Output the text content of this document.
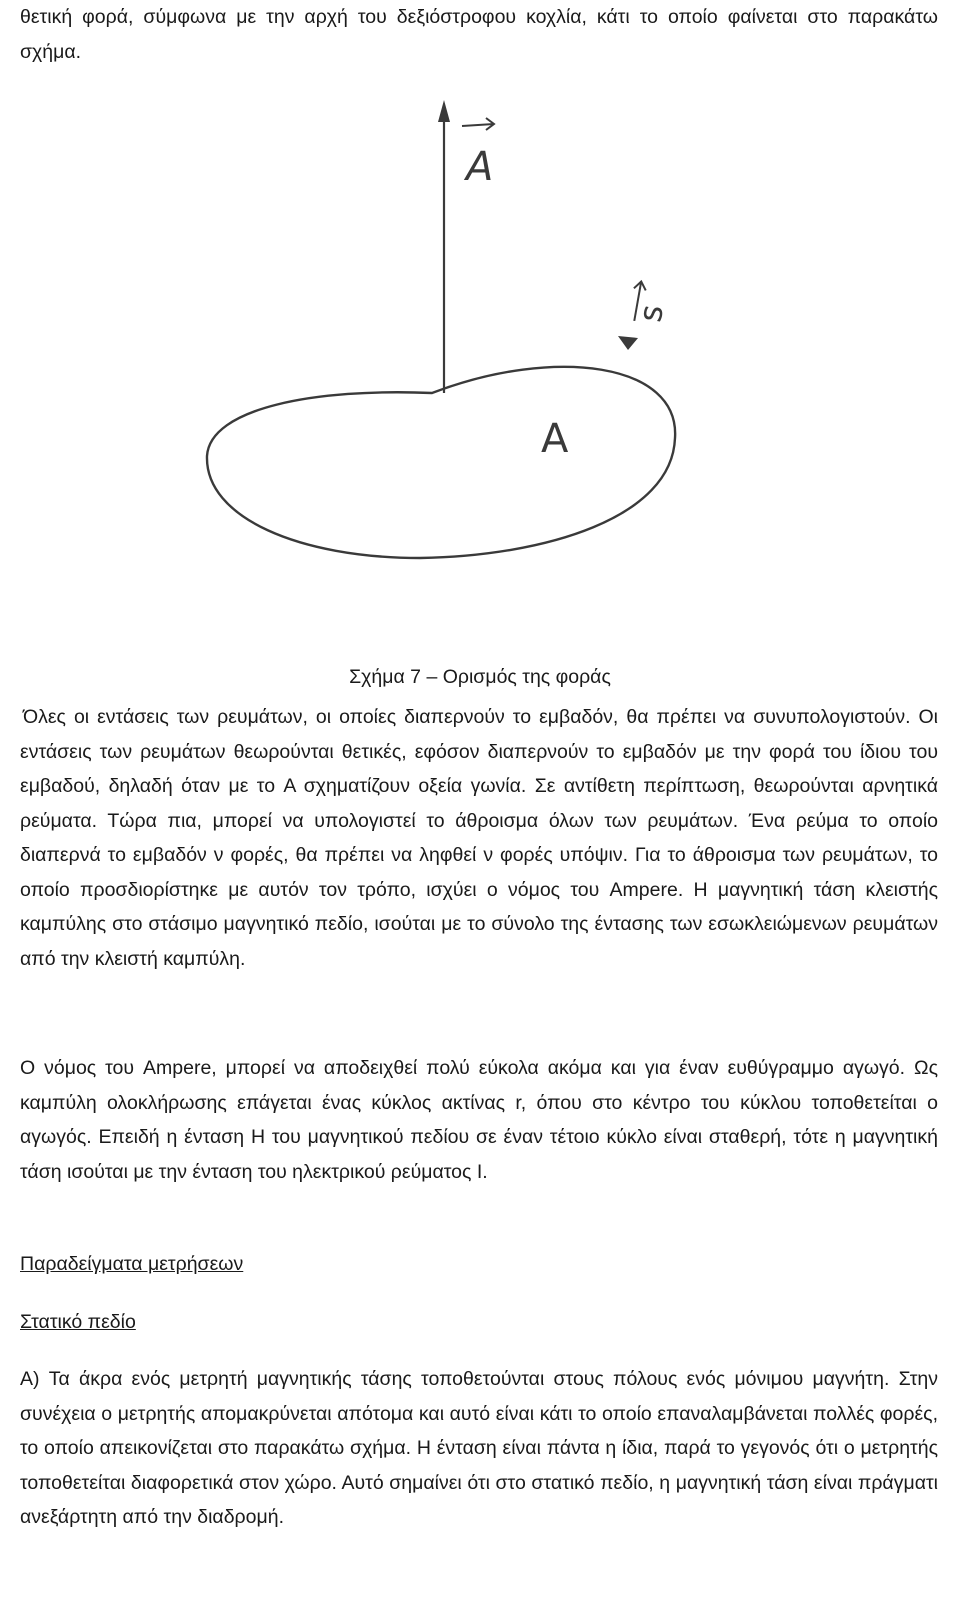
θετική φορά, σύμφωνα με την αρχή του δεξιόστροφου κοχλία, κάτι το οποίο φαίνεται στο παρακάτω σχήμα.
A
s
A
Σχήμα 7 – Ορισμός της φοράς
Όλες οι εντάσεις των ρευμάτων, οι οποίες διαπερνούν το εμβαδόν, θα πρέπει να συνυπολογιστούν. Οι εντάσεις των ρευμάτων θεωρούνται θετικές, εφόσον διαπερνούν το εμβαδόν με την φορά του ίδιου του εμβαδού, δηλαδή όταν με το A σχηματίζουν οξεία γωνία. Σε αντίθετη περίπτωση, θεωρούνται αρνητικά ρεύματα. Τώρα πια, μπορεί να υπολογιστεί το άθροισμα όλων των ρευμάτων. Ένα ρεύμα το οποίο διαπερνά το εμβαδόν ν φορές, θα πρέπει να ληφθεί ν φορές υπόψιν. Για το άθροισμα των ρευμάτων, το οποίο προσδιορίστηκε με αυτόν τον τρόπο, ισχύει ο νόμος του Ampere. Η μαγνητική τάση κλειστής καμπύλης στο στάσιμο μαγνητικό πεδίο, ισούται με το σύνολο της έντασης των εσωκλειώμενων ρευμάτων από την κλειστή καμπύλη.
Ο νόμος του Ampere, μπορεί να αποδειχθεί πολύ εύκολα ακόμα και για έναν ευθύγραμμο αγωγό. Ως καμπύλη ολοκλήρωσης επάγεται ένας κύκλος ακτίνας r, όπου στο κέντρο του κύκλου τοποθετείται ο αγωγός. Επειδή η ένταση H του μαγνητικού πεδίου σε έναν τέτοιο κύκλο είναι σταθερή, τότε η μαγνητική τάση ισούται με την ένταση του ηλεκτρικού ρεύματος I.
Παραδείγματα μετρήσεων
Στατικό πεδίο
A) Τα άκρα ενός μετρητή μαγνητικής τάσης τοποθετούνται στους πόλους ενός μόνιμου μαγνήτη. Στην συνέχεια ο μετρητής απομακρύνεται απότομα και αυτό είναι κάτι το οποίο επαναλαμβάνεται πολλές φορές, το οποίο απεικονίζεται στο παρακάτω σχήμα. Η ένταση είναι πάντα η ίδια, παρά το γεγονός ότι ο μετρητής τοποθετείται διαφορετικά στον χώρο. Αυτό σημαίνει ότι στο στατικό πεδίο, η μαγνητική τάση είναι πράγματι ανεξάρτητη από την διαδρομή.
